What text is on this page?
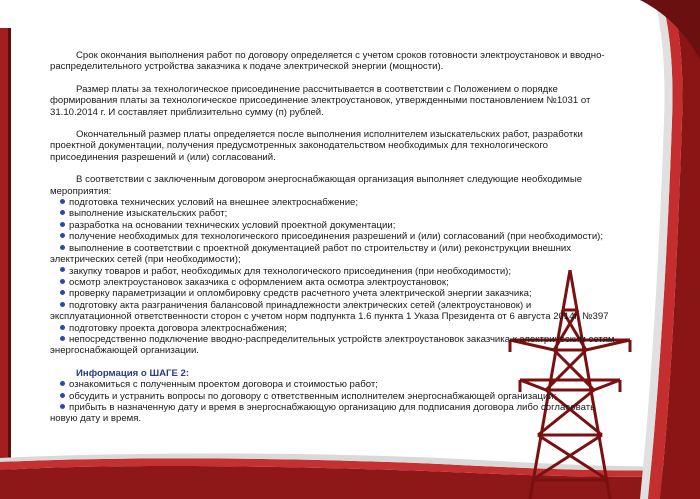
Срок окончания выполнения работ по договору определяется с учетом сроков готовности электроустановок и вводно-распределительного устройства заказчика к подаче электрической энергии (мощности).

Размер платы за технологическое присоединение рассчитывается в соответствии с Положением о порядке формирования платы за технологическое присоединение электроустановок, утвержденными постановлением №1031 от 31.10.2014 г. И составляет приблизительно сумму (п) рублей.

Окончательный размер платы определяется после выполнения исполнителем изыскательских работ, разработки проектной документации, получения предусмотренных законодательством необходимых для технологического присоединения разрешений и (или) согласований.

В соответствии с заключенным договором энергоснабжающая организация выполняет следующие необходимые мероприятия:

подготовка технических условий на внешнее электроснабжение;
выполнение изыскательских работ;
разработка на основании технических условий проектной документации;
получение необходимых для технологического присоединения разрешений и (или) согласований (при необходимости);
выполнение в соответствии с проектной документацией работ по строительству и (или) реконструкции внешних электрических сетей (при необходимости);
закупку товаров и работ, необходимых для технологического присоединения (при необходимости);
осмотр электроустановок заказчика с оформлением акта осмотра электроустановок;
проверку параметризации и опломбировку средств расчетного учета электрической энергии заказчика;
подготовку акта разграничения балансовой принадлежности электрических сетей (электроустановок) и эксплуатационной ответственности сторон с учетом норм подпункта 1.6 пункта 1 Указа Президента от 6 августа 2014г. №397
подготовку проекта договора электроснабжения;
непосредственно подключение вводно-распределительных устройств электроустановок заказчика к электрическим сетям энергоснабжающей организации.

Информация о ШАГЕ 2:

ознакомиться с полученным проектом договора и стоимостью работ;
обсудить и устранить вопросы по договору с ответственным исполнителем энергоснабжающей организации;
прибыть в назначенную дату и время в энергоснабжающую организацию для подписания договора либо согласовать новую дату и время.
